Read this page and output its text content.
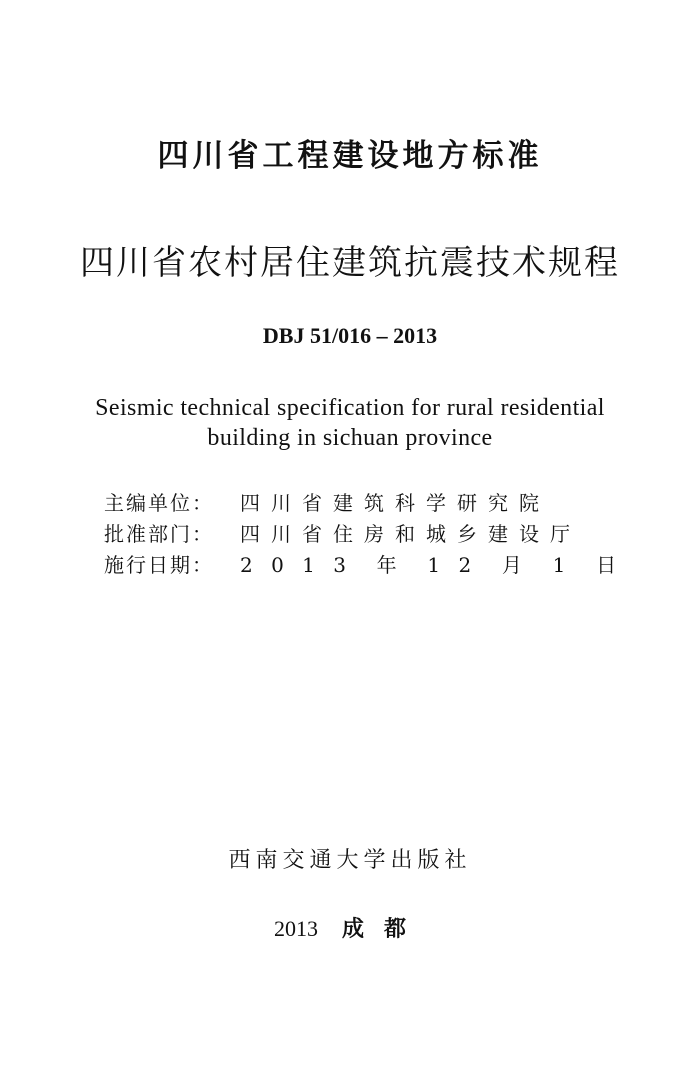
四川省工程建设地方标准
四川省农村居住建筑抗震技术规程
DBJ 51/016 – 2013
Seismic technical specification for rural residential
building in sichuan province
主编单位：	四川省建筑科学研究院
批准部门：	四川省住房和城乡建设厅
施行日期：	2 0 1 3  年  1 2  月  1  日
西南交通大学出版社
2013 成都
